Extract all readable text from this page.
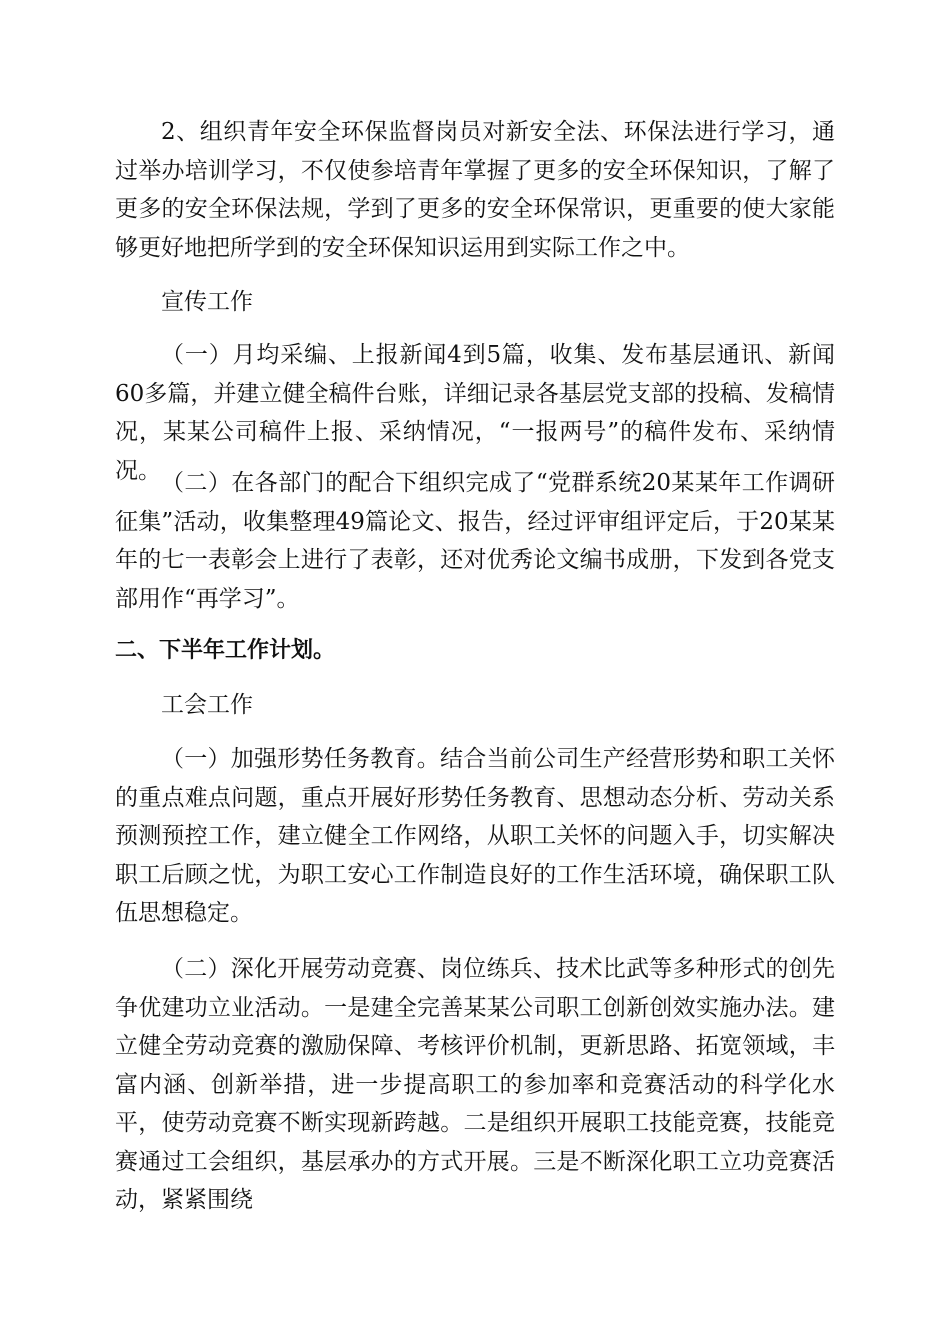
2、组织青年安全环保监督岗员对新安全法、环保法进行学习，通过举办培训学习，不仅使参培青年掌握了更多的安全环保知识，了解了更多的安全环保法规，学到了更多的安全环保常识，更重要的使大家能够更好地把所学到的安全环保知识运用到实际工作之中。

宣传工作

（一）月均采编、上报新闻4到5篇，收集、发布基层通讯、新闻60多篇，并建立健全稿件台账，详细记录各基层党支部的投稿、发稿情况，某某公司稿件上报、采纳情况，“一报两号”的稿件发布、采纳情况。 （二）在各部门的配合下组织完成了“党群系统20某某年工作调研征集”活动，收集整理49篇论文、报告，经过评审组评定后，于20某某年的七一表彰会上进行了表彰，还对优秀论文编书成册，下发到各党支部用作“再学习”。

二、下半年工作计划。

工会工作

（一）加强形势任务教育。结合当前公司生产经营形势和职工关怀的重点难点问题，重点开展好形势任务教育、思想动态分析、劳动关系预测预控工作，建立健全工作网络，从职工关怀的问题入手，切实解决职工后顾之忧，为职工安心工作制造良好的工作生活环境，确保职工队伍思想稳定。

（二）深化开展劳动竞赛、岗位练兵、技术比武等多种形式的创先争优建功立业活动。一是建全完善某某公司职工创新创效实施办法。建立健全劳动竞赛的激励保障、考核评价机制，更新思路、拓宽领域，丰富内涵、创新举措，进一步提高职工的参加率和竞赛活动的科学化水平，使劳动竞赛不断实现新跨越。二是组织开展职工技能竞赛，技能竞赛通过工会组织，基层承办的方式开展。三是不断深化职工立功竞赛活动，紧紧围绕
